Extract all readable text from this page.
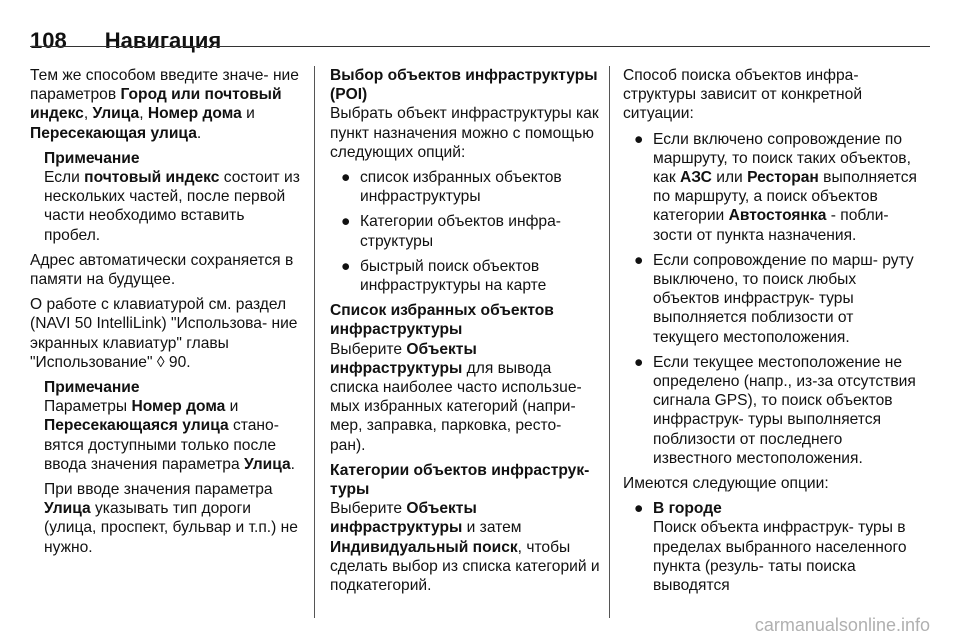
108 Навигация

Тем же способом введите значе- ние параметров Город или почтовый индекс, Улица, Номер дома и Пересекающая улица.

Примечание
Если почтовый индекс состоит из нескольких частей, после первой части необходимо вставить пробел.

Адрес автоматически сохраняется в памяти на будущее.

О работе с клавиатурой см. раздел (NAVI 50 IntelliLink) "Использова- ние экранных клавиатур" главы "Использование" ◊ 90.

Примечание
Параметры Номер дома и Пересекающаяся улица стано- вятся доступными только после ввода значения параметра Улица.

При вводе значения параметра Улица указывать тип дороги (улица, проспект, бульвар и т.п.) не нужно.

Выбор объектов инфраструктуры (POI)
Выбрать объект инфраструктуры как пункт назначения можно с помощью следующих опций:

● список избранных объектов инфраструктуры
● Категории объектов инфра- структуры
● быстрый поиск объектов инфраструктуры на карте

Список избранных объектов инфраструктуры
Выберите Объекты инфраструктуры для вывода списка наиболее часто использue- мых избранных категорий (напри- мер, заправка, парковка, ресто- ран).

Категории объектов инфраструк- туры
Выберите Объекты инфраструктуры и затем Индивидуальный поиск, чтобы сделать выбор из списка категорий и подкатегорий.

Способ поиска объектов инфра- структуры зависит от конкретной ситуации:

● Если включено сопровождение по маршруту, то поиск таких объектов, как АЗС или Ресторан выполняется по маршруту, а поиск объектов категории Автостоянка - побли- зости от пункта назначения.
● Если сопровождение по марш- руту выключено, то поиск любых объектов инфраструк- туры выполняется поблизости от текущего местоположения.
● Если текущее местоположение не определено (напр., из-за отсутствия сигнала GPS), то поиск объектов инфраструк- туры выполняется поблизости от последнего известного местоположения.

Имеются следующие опции:

● В городе
Поиск объекта инфраструк- туры в пределах выбранного населенного пункта (резуль- таты поиска выводятся
carmanualsonline.info
